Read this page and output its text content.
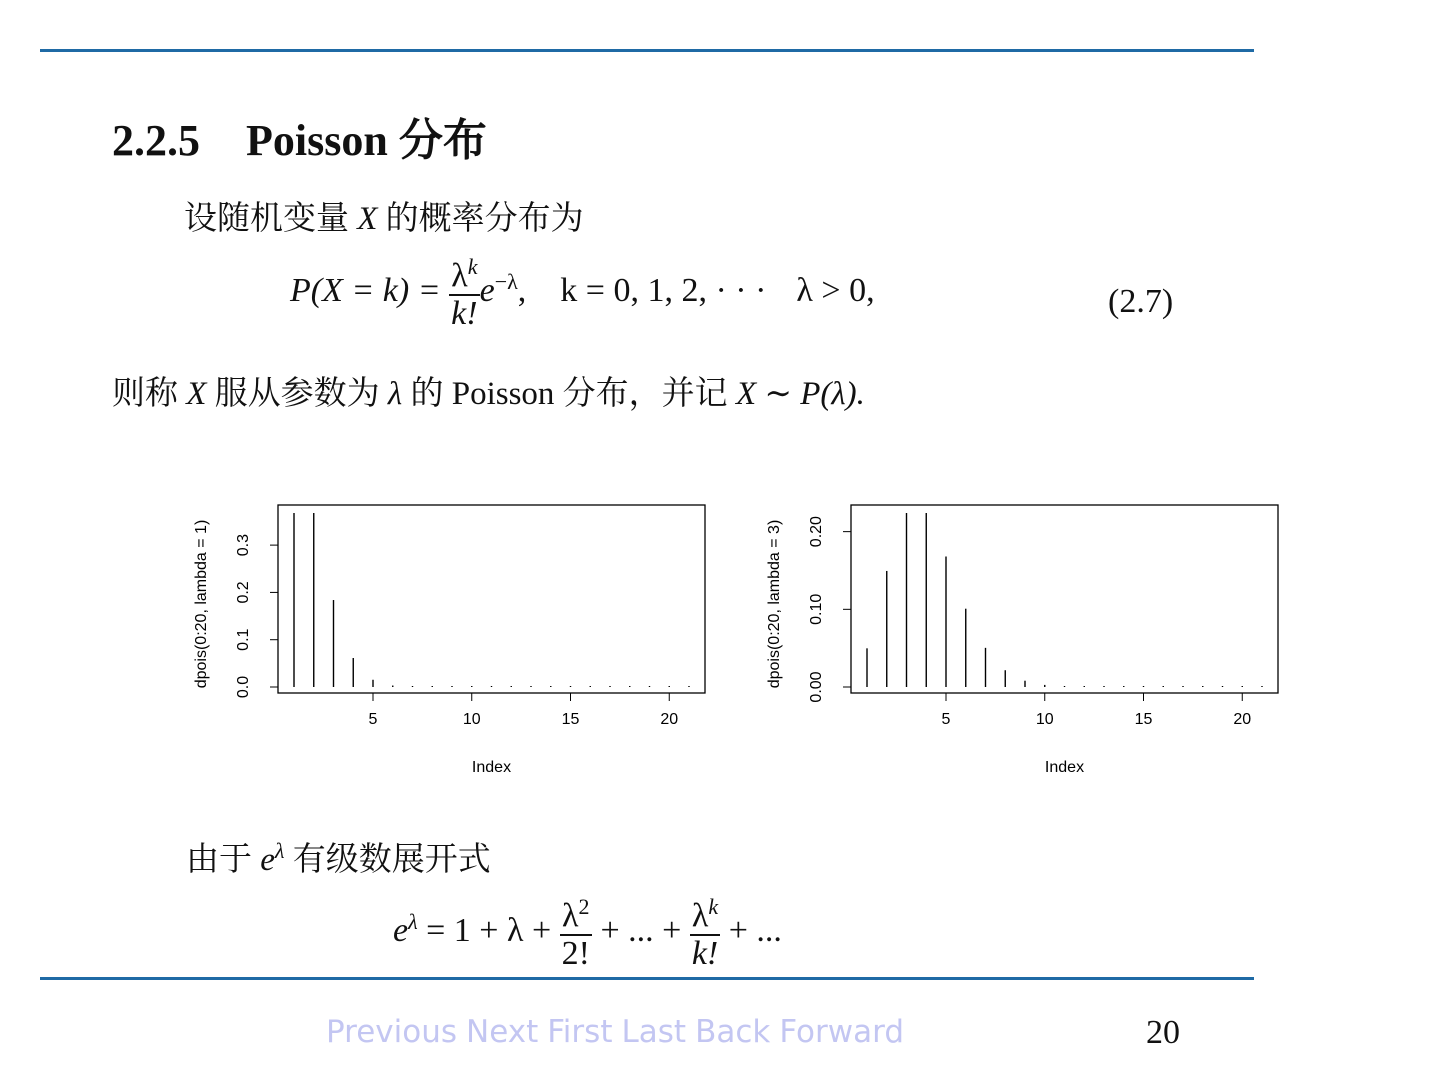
2.2.5 Poisson 分布
设随机变量 X 的概率分布为
$P(X = k) = \frac{\lambda^k}{k!} e^{-\lambda}$,    k = 0, 1, 2, · · · λ > 0,	(2.7)
则称 X 服从参数为 λ 的 Poisson 分布，并记 X ∼ P(λ).
5	10	15	20
0.0
0.1
0.2
0.3
Index
dpois(0:20, lambda = 1)
5	10	15	20
0.00
0.10
0.20
Index
dpois(0:20, lambda = 3)
由于 $e^\lambda$ 有级数展开式
$e^\lambda = 1 + \lambda + \frac{\lambda^2}{2!}$ + ... + $\frac{\lambda^k}{k!}$ + ...
Previous Next First Last Back Forward	20
